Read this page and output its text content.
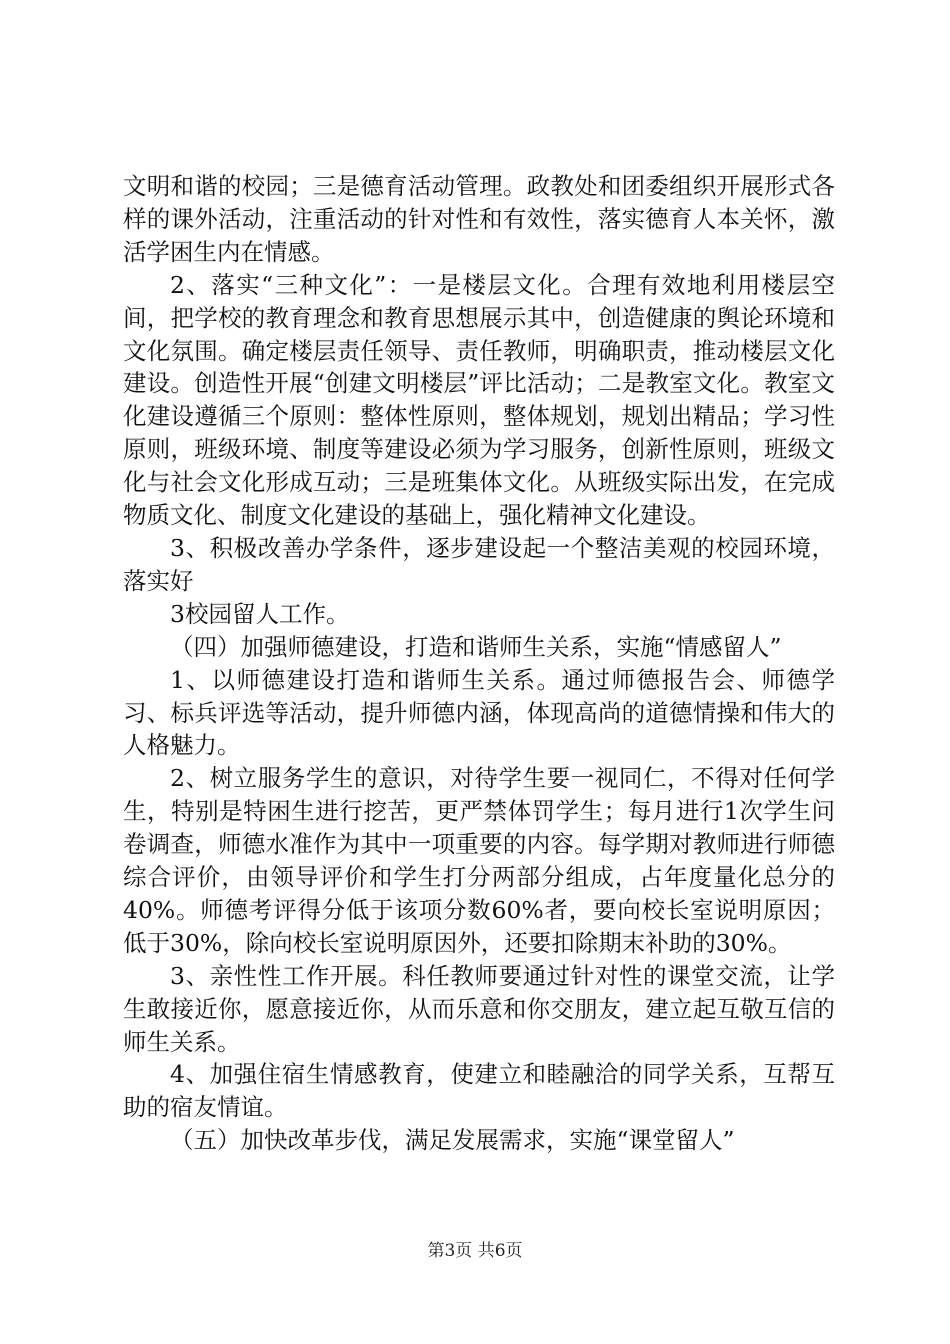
文明和谐的校园；三是德育活动管理。政教处和团委组织开展形式各样的课外活动，注重活动的针对性和有效性，落实德育人本关怀，激活学困生内在情感。

2、落实“三种文化”：一是楼层文化。合理有效地利用楼层空间，把学校的教育理念和教育思想展示其中，创造健康的舆论环境和文化氛围。确定楼层责任领导、责任教师，明确职责，推动楼层文化建设。创造性开展“创建文明楼层”评比活动；二是教室文化。教室文化建设遵循三个原则：整体性原则，整体规划，规划出精品；学习性原则，班级环境、制度等建设必须为学习服务，创新性原则，班级文化与社会文化形成互动；三是班集体文化。从班级实际出发，在完成物质文化、制度文化建设的基础上，强化精神文化建设。

3、积极改善办学条件，逐步建设起一个整洁美观的校园环境，落实好

3校园留人工作。

（四）加强师德建设，打造和谐师生关系，实施“情感留人”

1、以师德建设打造和谐师生关系。通过师德报告会、师德学习、标兵评选等活动，提升师德内涵，体现高尚的道德情操和伟大的人格魅力。

2、树立服务学生的意识，对待学生要一视同仁，不得对任何学生，特别是特困生进行挖苦，更严禁体罚学生；每月进行1次学生问卷调查，师德水准作为其中一项重要的内容。每学期对教师进行师德综合评价，由领导评价和学生打分两部分组成，占年度量化总分的40%。师德考评得分低于该项分数60%者，要向校长室说明原因；低于30%，除向校长室说明原因外，还要扣除期末补助的30%。

3、亲性性工作开展。科任教师要通过针对性的课堂交流，让学生敢接近你，愿意接近你，从而乐意和你交朋友，建立起互敬互信的师生关系。

4、加强住宿生情感教育，使建立和睦融洽的同学关系，互帮互助的宿友情谊。

（五）加快改革步伐，满足发展需求，实施“课堂留人”

第3页 共6页
